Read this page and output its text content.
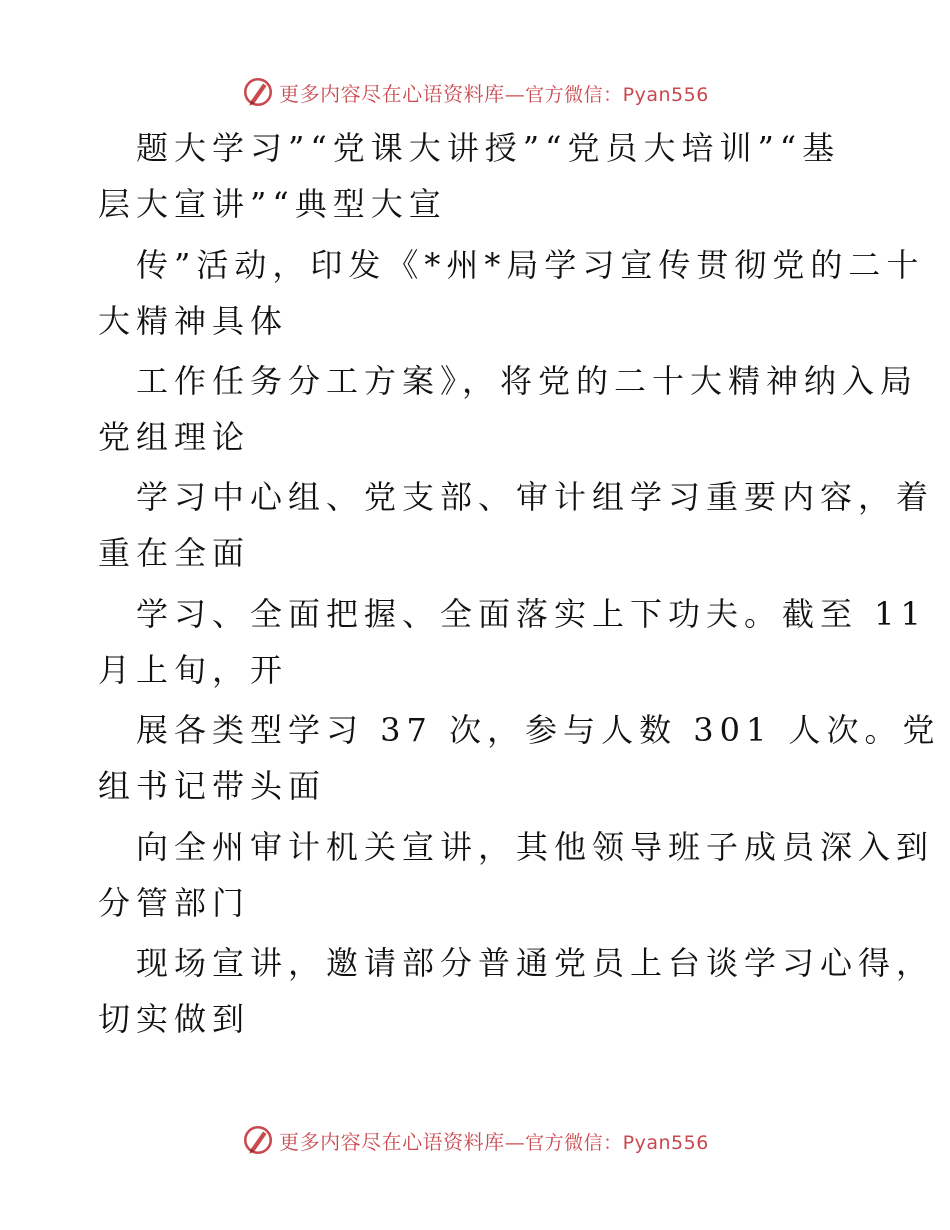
更多内容尽在心语资料库—官方微信：Pyan556
题大学习”“党课大讲授”“党员大培训”“基
层大宣讲”“典型大宣
传”活动，印发《*州*局学习宣传贯彻党的二十
大精神具体
工作任务分工方案》，将党的二十大精神纳入局
党组理论
学习中心组、党支部、审计组学习重要内容，着
重在全面
学习、全面把握、全面落实上下功夫。截至 11
月上旬，开
展各类型学习 37 次，参与人数 301 人次。党
组书记带头面
向全州审计机关宣讲，其他领导班子成员深入到
分管部门
现场宣讲，邀请部分普通党员上台谈学习心得，
切实做到
更多内容尽在心语资料库—官方微信：Pyan556
